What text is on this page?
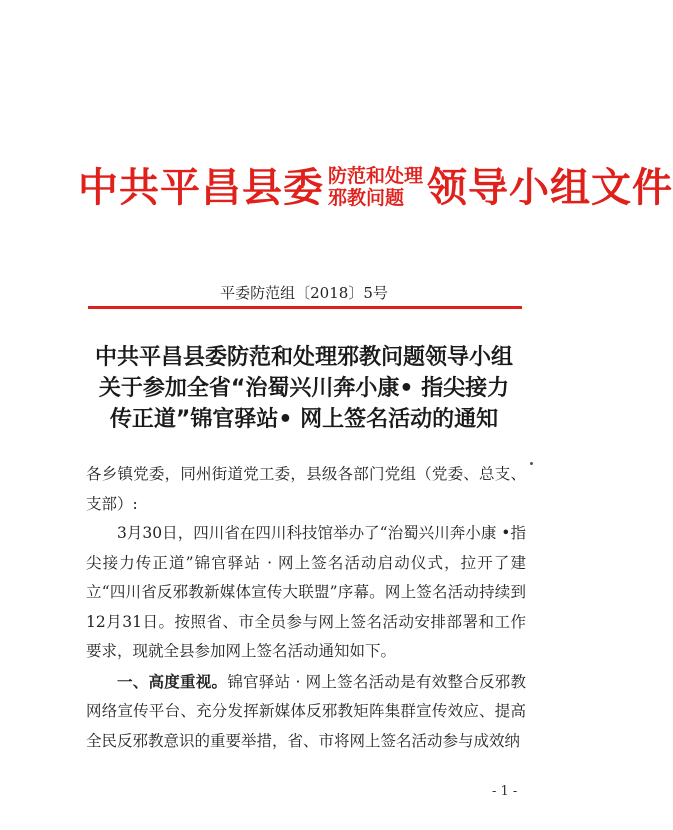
中共平昌县委 防范和处理
邪教问题 领导小组文件
平委防范组〔2018〕5号
中共平昌县委防范和处理邪教问题领导小组
关于参加全省“治蜀兴川奔小康• 指尖接力
传正道”锦官驿站• 网上签名活动的通知

各乡镇党委，同州街道党工委，县级各部门党组（党委、总支、支部）:

3月30日，四川省在四川科技馆举办了“治蜀兴川奔小康 •指尖接力传正道”锦官驿站 · 网上签名活动启动仪式，拉开了建立“四川省反邪教新媒体宣传大联盟”序幕。网上签名活动持续到12月31日。按照省、市全员参与网上签名活动安排部署和工作要求，现就全县参加网上签名活动通知如下。

一、高度重视。锦官驿站 · 网上签名活动是有效整合反邪教网络宣传平台、充分发挥新媒体反邪教矩阵集群宣传效应、提高全民反邪教意识的重要举措，省、市将网上签名活动参与成效纳

- 1 -
